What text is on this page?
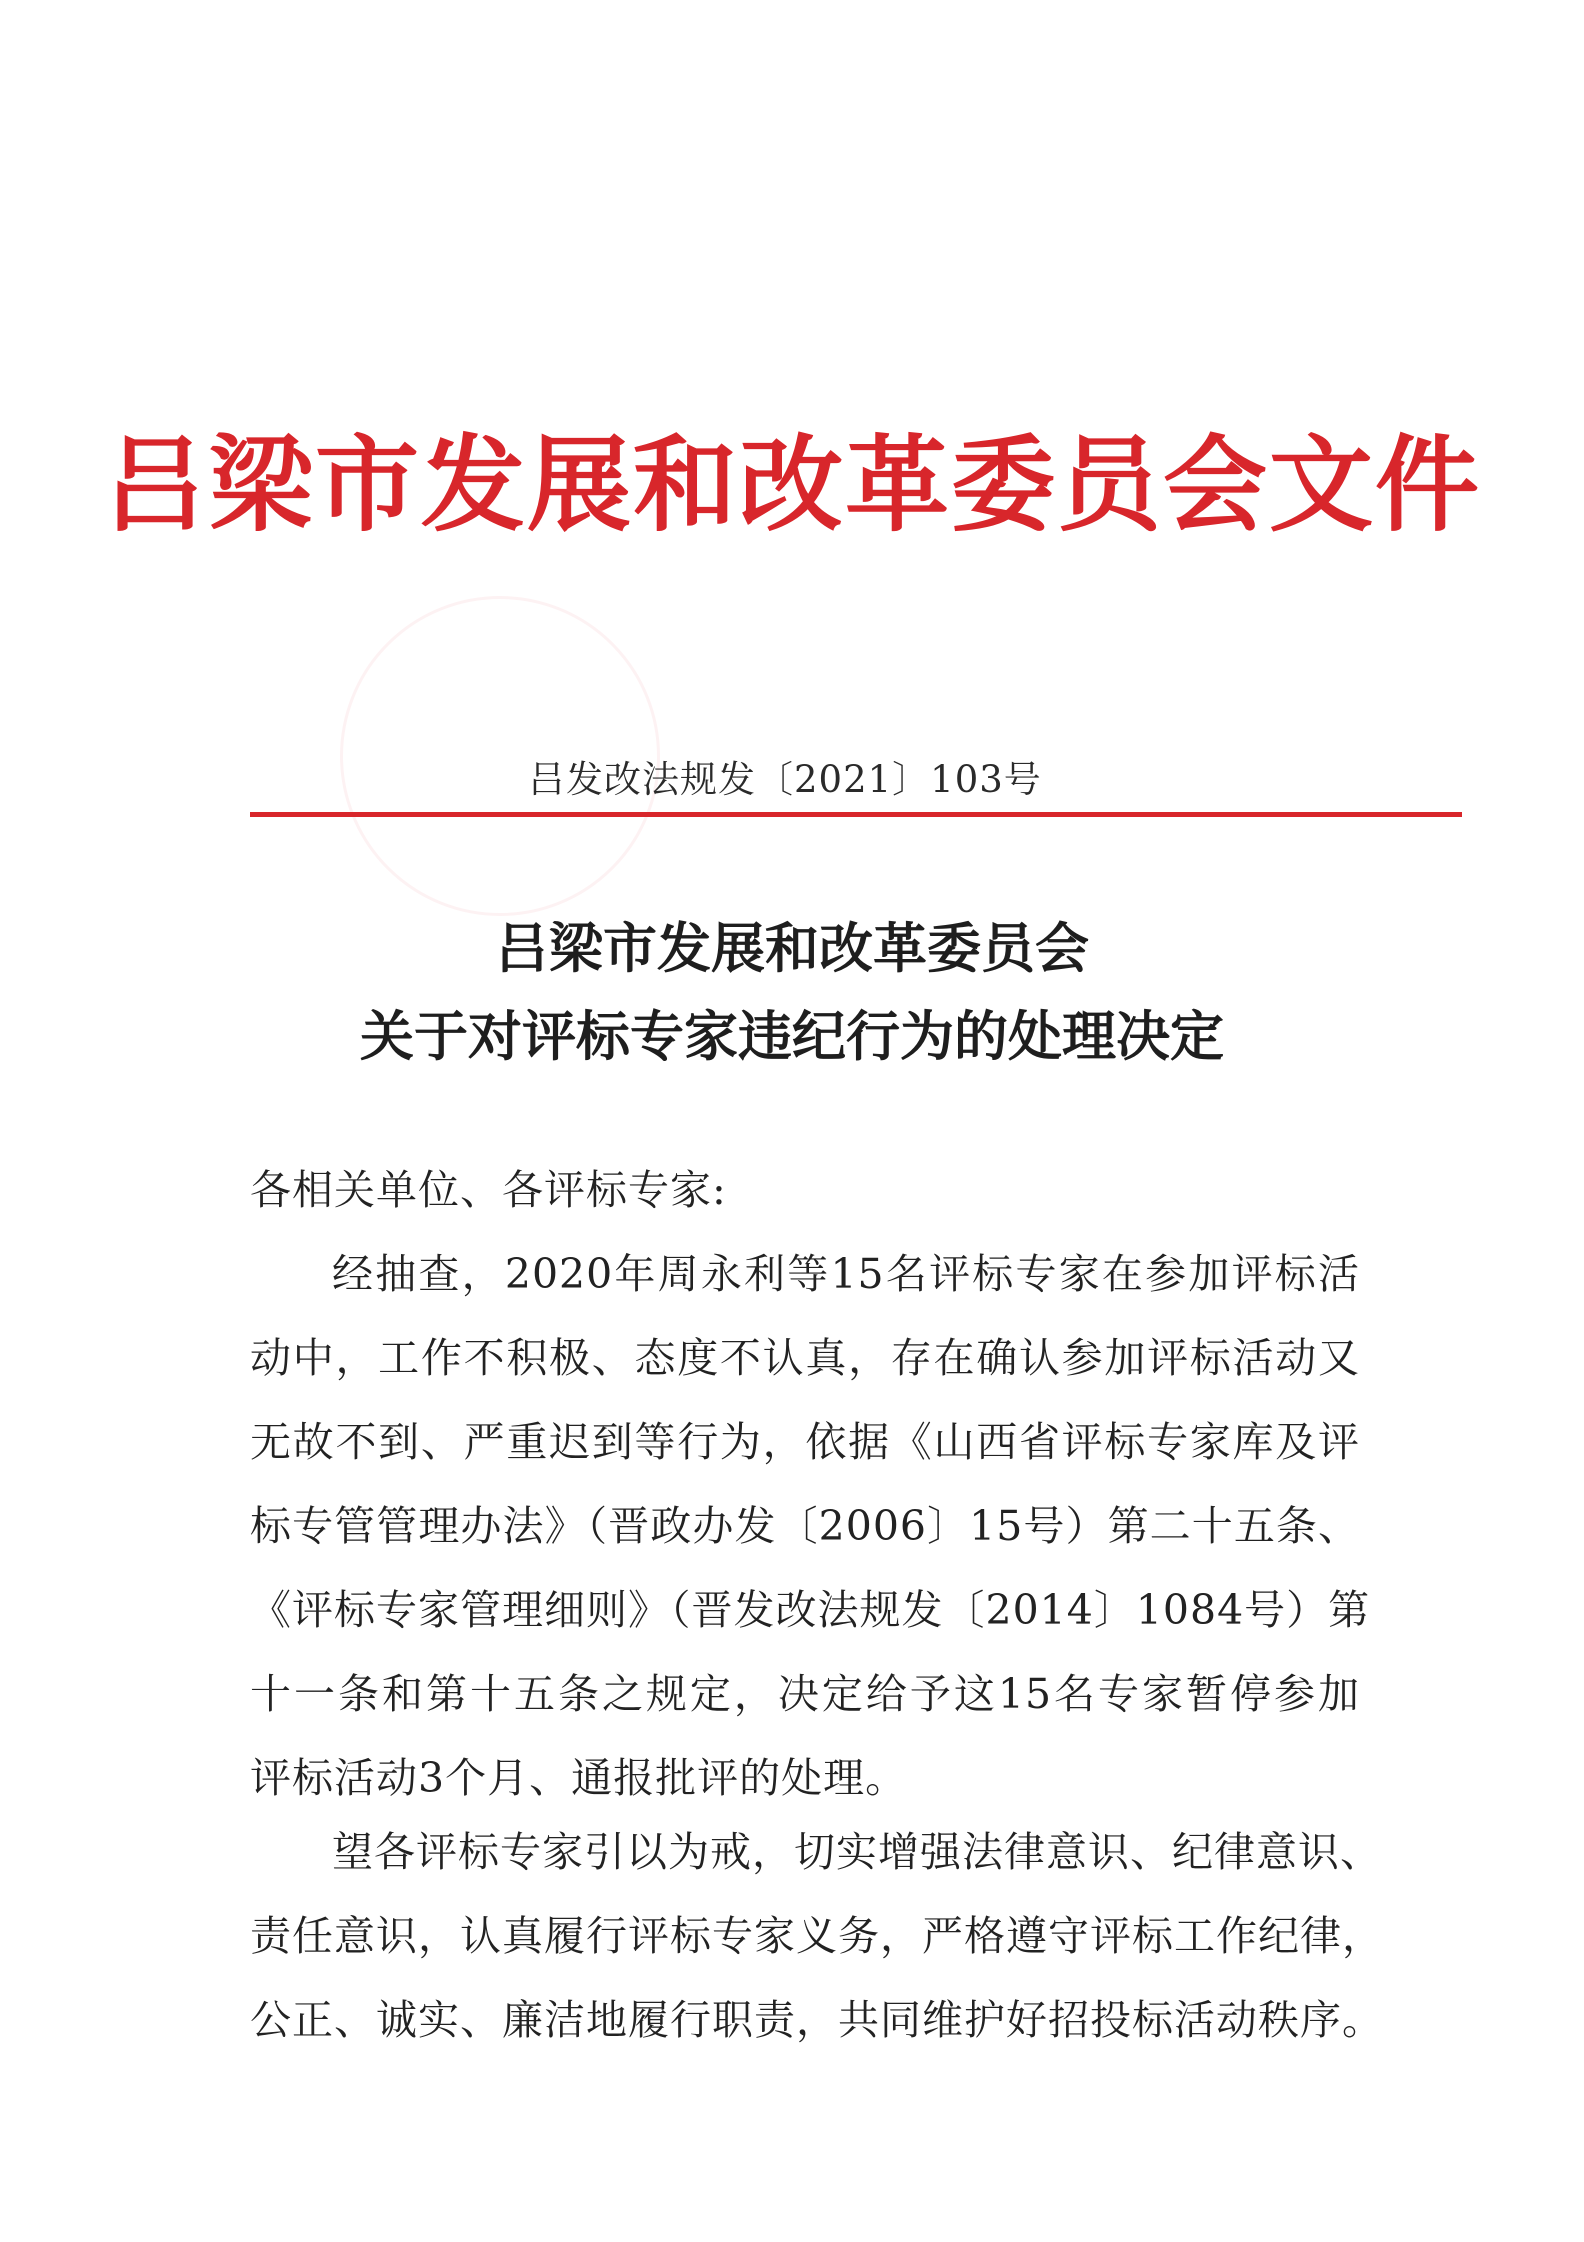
吕梁市发展和改革委员会文件
吕发改法规发〔2021〕103号
吕梁市发展和改革委员会
关于对评标专家违纪行为的处理决定
各相关单位、各评标专家:
经抽查，2020年周永利等15名评标专家在参加评标活
动中，工作不积极、态度不认真，存在确认参加评标活动又
无故不到、严重迟到等行为，依据《山西省评标专家库及评
标专管管理办法》（晋政办发〔2006〕15号）第二十五条、
《评标专家管理细则》（晋发改法规发〔2014〕1084号）第
十一条和第十五条之规定，决定给予这15名专家暂停参加
评标活动3个月、通报批评的处理。
望各评标专家引以为戒，切实增强法律意识、纪律意识、
责任意识，认真履行评标专家义务，严格遵守评标工作纪律，
公正、诚实、廉洁地履行职责，共同维护好招投标活动秩序。
